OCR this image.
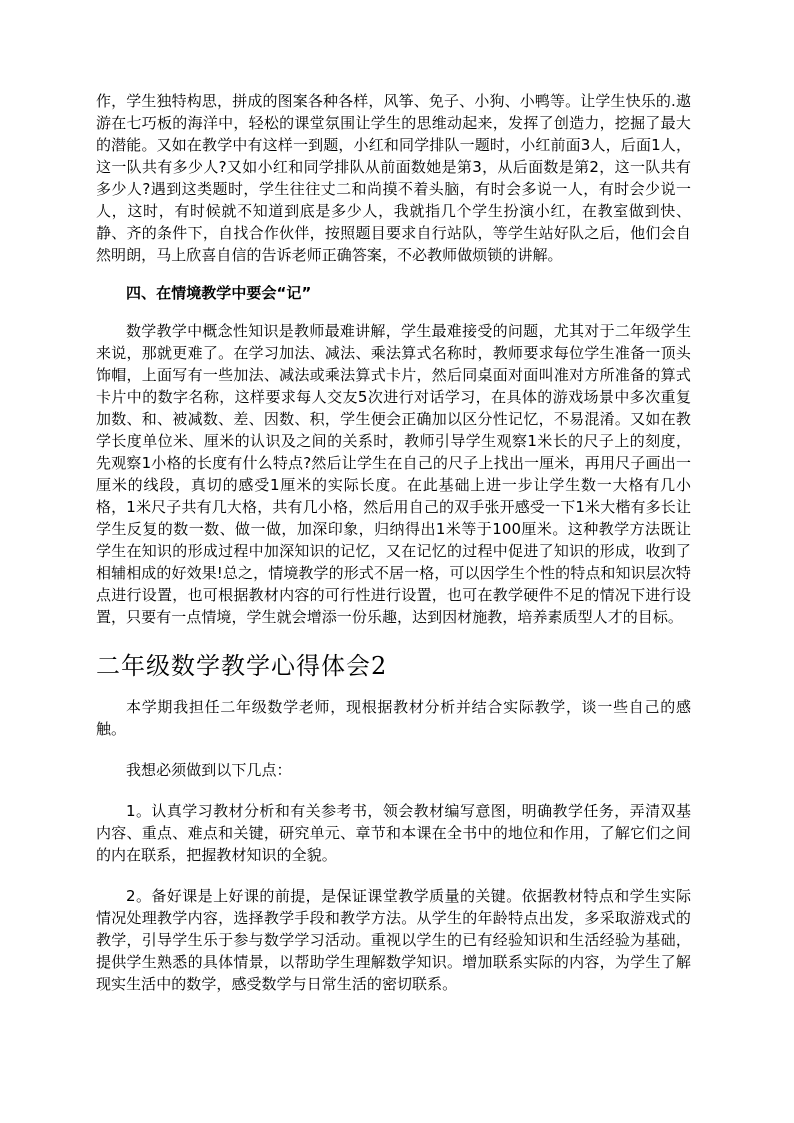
作，学生独特构思，拼成的图案各种各样，风筝、免子、小狗、小鸭等。让学生快乐的.遨游在七巧板的海洋中，轻松的课堂氛围让学生的思维动起来，发挥了创造力，挖掘了最大的潜能。又如在教学中有这样一到题，小红和同学排队一题时，小红前面3人，后面1人，这一队共有多少人?又如小红和同学排队从前面数她是第3，从后面数是第2，这一队共有多少人?遇到这类题时，学生往往丈二和尚摸不着头脑，有时会多说一人，有时会少说一人，这时，有时候就不知道到底是多少人，我就指几个学生扮演小红，在教室做到快、静、齐的条件下，自找合作伙伴，按照题目要求自行站队，等学生站好队之后，他们会自然明朗，马上欣喜自信的告诉老师正确答案，不必教师做烦锁的讲解。

四、在情境教学中要会“记”

数学教学中概念性知识是教师最难讲解，学生最难接受的问题，尤其对于二年级学生来说，那就更难了。在学习加法、减法、乘法算式名称时，教师要求每位学生准备一顶头饰帽，上面写有一些加法、减法或乘法算式卡片，然后同桌面对面叫准对方所准备的算式卡片中的数字名称，这样要求每人交友5次进行对话学习，在具体的游戏场景中多次重复加数、和、被减数、差、因数、积，学生便会正确加以区分性记忆，不易混淆。又如在教学长度单位米、厘米的认识及之间的关系时，教师引导学生观察1米长的尺子上的刻度，先观察1小格的长度有什么特点?然后让学生在自己的尺子上找出一厘米，再用尺子画出一厘米的线段，真切的感受1厘米的实际长度。在此基础上进一步让学生数一大格有几小格，1米尺子共有几大格，共有几小格，然后用自己的双手张开感受一下1米大楷有多长让学生反复的数一数、做一做，加深印象，归纳得出1米等于100厘米。这种教学方法既让学生在知识的形成过程中加深知识的记忆，又在记忆的过程中促进了知识的形成，收到了相辅相成的好效果!总之，情境教学的形式不居一格，可以因学生个性的特点和知识层次特点进行设置，也可根据教材内容的可行性进行设置，也可在教学硬件不足的情况下进行设置，只要有一点情境，学生就会增添一份乐趣，达到因材施教，培养素质型人才的目标。

二年级数学教学心得体会2

本学期我担任二年级数学老师，现根据教材分析并结合实际教学，谈一些自己的感触。

我想必须做到以下几点：

1。认真学习教材分析和有关参考书，领会教材编写意图，明确教学任务，弄清双基内容、重点、难点和关键，研究单元、章节和本课在全书中的地位和作用，了解它们之间的内在联系，把握教材知识的全貌。

2。备好课是上好课的前提，是保证课堂教学质量的关键。依据教材特点和学生实际情况处理教学内容，选择教学手段和教学方法。从学生的年龄特点出发，多采取游戏式的教学，引导学生乐于参与数学学习活动。重视以学生的已有经验知识和生活经验为基础，提供学生熟悉的具体情景，以帮助学生理解数学知识。增加联系实际的内容，为学生了解现实生活中的数学，感受数学与日常生活的密切联系。
